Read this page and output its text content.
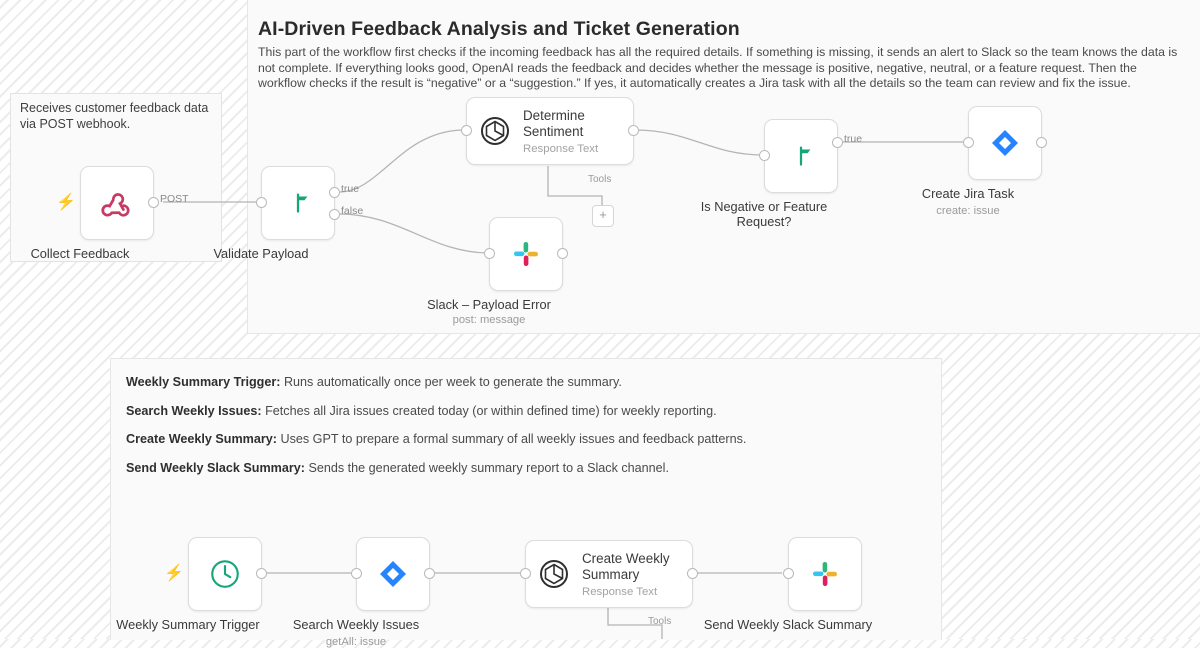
Receives customer feedback data via POST webhook.
AI-Driven Feedback Analysis and Ticket Generation
This part of the workflow first checks if the incoming feedback has all the required details. If something is missing, it sends an alert to Slack so the team knows the data is not complete. If everything looks good, OpenAI reads the feedback and decides whether the message is positive, negative, neutral, or a feature request. Then the workflow checks if the result is “negative” or a “suggestion.” If yes, it automatically creates a Jira task with all the details so the team can review and fix the issue.
⚡	POST
Collect Feedback
true
false
Validate Payload
Determine Sentiment
Response Text
Tools
+
Slack – Payload Error
post: message
true
Is Negative or Feature Request?
Create Jira Task
create: issue
Weekly Summary Trigger: Runs automatically once per week to generate the summary.
Search Weekly Issues: Fetches all Jira issues created today (or within defined time) for weekly reporting.
Create Weekly Summary: Uses GPT to prepare a formal summary of all weekly issues and feedback patterns.
Send Weekly Slack Summary: Sends the generated weekly summary report to a Slack channel.
⚡
Weekly Summary Trigger	Search Weekly Issues
getAll: issue
Create Weekly Summary
Response Text
Tools	Send Weekly Slack Summary
